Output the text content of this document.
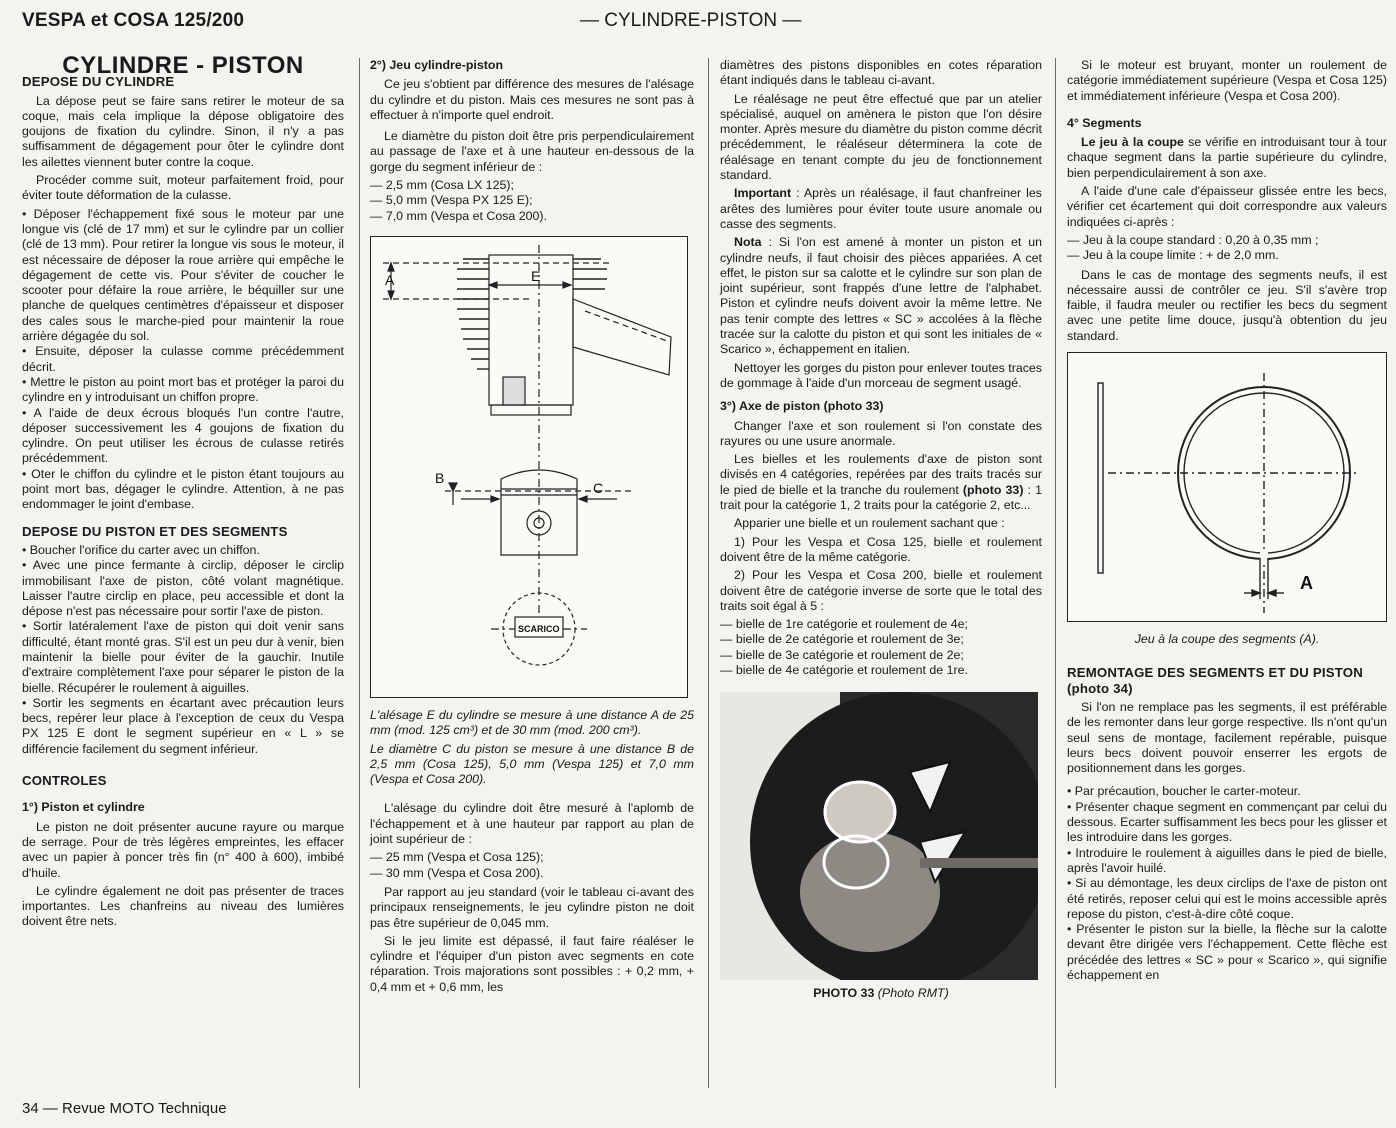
VESPA et COSA 125/200	— CYLINDRE-PISTON —
CYLINDRE - PISTON
DEPOSE DU CYLINDRE

La dépose peut se faire sans retirer le moteur de sa coque, mais cela implique la dépose obligatoire des goujons de fixation du cylindre. Sinon, il n'y a pas suffisamment de dégagement pour ôter le cylindre dont les ailettes viennent buter contre la coque.

Procéder comme suit, moteur parfaitement froid, pour éviter toute déformation de la culasse.

• Déposer l'échappement fixé sous le moteur par une longue vis (clé de 17 mm) et sur le cylindre par un collier (clé de 13 mm). Pour retirer la longue vis sous le moteur, il est nécessaire de déposer la roue arrière qui empêche le dégagement de cette vis. Pour s'éviter de coucher le scooter pour défaire la roue arrière, le béquiller sur une planche de quelques centimètres d'épaisseur et disposer des cales sous le marche-pied pour maintenir la roue arrière dégagée du sol.
• Ensuite, déposer la culasse comme précédemment décrit.
• Mettre le piston au point mort bas et protéger la paroi du cylindre en y introduisant un chiffon propre.
• A l'aide de deux écrous bloqués l'un contre l'autre, déposer successivement les 4 goujons de fixation du cylindre. On peut utiliser les écrous de culasse retirés précédemment.
• Oter le chiffon du cylindre et le piston étant toujours au point mort bas, dégager le cylindre. Attention, à ne pas endommager le joint d'embase.
DEPOSE DU PISTON ET DES SEGMENTS
• Boucher l'orifice du carter avec un chiffon.
• Avec une pince fermante à circlip, déposer le circlip immobilisant l'axe de piston, côté volant magnétique. Laisser l'autre circlip en place, peu accessible et dont la dépose n'est pas nécessaire pour sortir l'axe de piston.
• Sortir latéralement l'axe de piston qui doit venir sans difficulté, étant monté gras. S'il est un peu dur à venir, bien maintenir la bielle pour éviter de la gauchir. Inutile d'extraire complètement l'axe pour séparer le piston de la bielle. Récupérer le roulement à aiguilles.
• Sortir les segments en écartant avec précaution leurs becs, repérer leur place à l'exception de ceux du Vespa PX 125 E dont le segment supérieur en « L » se différencie facilement du segment inférieur.
CONTROLES
1°) Piston et cylindre

Le piston ne doit présenter aucune rayure ou marque de serrage. Pour de très légères empreintes, les effacer avec un papier à poncer très fin (n° 400 à 600), imbibé d'huile.

Le cylindre également ne doit pas présenter de traces importantes. Les chanfreins au niveau des lumières doivent être nets.

2°) Jeu cylindre-piston

Ce jeu s'obtient par différence des mesures de l'alésage du cylindre et du piston. Mais ces mesures ne sont pas à effectuer à n'importe quel endroit.

Le diamètre du piston doit être pris perpendiculairement au passage de l'axe et à une hauteur en-dessous de la gorge du segment inférieur de :

— 2,5 mm (Cosa LX 125);
— 5,0 mm (Vespa PX 125 E);
— 7,0 mm (Vespa et Cosa 200).
A	E
B
C
SCARICO

L'alésage E du cylindre se mesure à une distance A de 25 mm (mod. 125 cm³) et de 30 mm (mod. 200 cm³).

Le diamètre C du piston se mesure à une distance B de 2,5 mm (Cosa 125), 5,0 mm (Vespa 125) et 7,0 mm (Vespa et Cosa 200).

L'alésage du cylindre doit être mesuré à l'aplomb de l'échappement et à une hauteur par rapport au plan de joint supérieur de :

— 25 mm (Vespa et Cosa 125);
— 30 mm (Vespa et Cosa 200).

Par rapport au jeu standard (voir le tableau ci-avant des principaux renseignements, le jeu cylindre piston ne doit pas être supérieur de 0,045 mm.

Si le jeu limite est dépassé, il faut faire réaléser le cylindre et l'équiper d'un piston avec segments en cote réparation. Trois majorations sont possibles : + 0,2 mm, + 0,4 mm et + 0,6 mm, les

diamètres des pistons disponibles en cotes réparation étant indiqués dans le tableau ci-avant.

Le réalésage ne peut être effectué que par un atelier spécialisé, auquel on amènera le piston que l'on désire monter. Après mesure du diamètre du piston comme décrit précédemment, le réaléseur déterminera la cote de réalésage en tenant compte du jeu de fonctionnement standard.

Important : Après un réalésage, il faut chanfreiner les arêtes des lumières pour éviter toute usure anomale ou casse des segments.

Nota : Si l'on est amené à monter un piston et un cylindre neufs, il faut choisir des pièces appariées. A cet effet, le piston sur sa calotte et le cylindre sur son plan de joint supérieur, sont frappés d'une lettre de l'alphabet. Piston et cylindre neufs doivent avoir la même lettre. Ne pas tenir compte des lettres « SC » accolées à la flèche tracée sur la calotte du piston et qui sont les initiales de « Scarico », échappement en italien.

Nettoyer les gorges du piston pour enlever toutes traces de gommage à l'aide d'un morceau de segment usagé.

3°) Axe de piston (photo 33)

Changer l'axe et son roulement si l'on constate des rayures ou une usure anormale.

Les bielles et les roulements d'axe de piston sont divisés en 4 catégories, repérées par des traits tracés sur le pied de bielle et la tranche du roulement (photo 33) : 1 trait pour la catégorie 1, 2 traits pour la catégorie 2, etc...

Apparier une bielle et un roulement sachant que :

1) Pour les Vespa et Cosa 125, bielle et roulement doivent être de la même catégorie.

2) Pour les Vespa et Cosa 200, bielle et roulement doivent être de catégorie inverse de sorte que le total des traits soit égal à 5 :

— bielle de 1re catégorie et roulement de 4e;
— bielle de 2e catégorie et roulement de 3e;
— bielle de 3e catégorie et roulement de 2e;
— bielle de 4e catégorie et roulement de 1re.
PHOTO 33 (Photo RMT)

Si le moteur est bruyant, monter un roulement de catégorie immédiatement supérieure (Vespa et Cosa 125) et immédiatement inférieure (Vespa et Cosa 200).

4° Segments

Le jeu à la coupe se vérifie en introduisant tour à tour chaque segment dans la partie supérieure du cylindre, bien perpendiculairement à son axe.

A l'aide d'une cale d'épaisseur glissée entre les becs, vérifier cet écartement qui doit correspondre aux valeurs indiquées ci-après :

— Jeu à la coupe standard : 0,20 à 0,35 mm ;
— Jeu à la coupe limite : + de 2,0 mm.

Dans le cas de montage des segments neufs, il est nécessaire aussi de contrôler ce jeu. S'il s'avère trop faible, il faudra meuler ou rectifier les becs du segment avec une petite lime douce, jusqu'à obtention du jeu standard.

A
Jeu à la coupe des segments (A).
REMONTAGE DES SEGMENTS ET DU PISTON (photo 34)

Si l'on ne remplace pas les segments, il est préférable de les remonter dans leur gorge respective. Ils n'ont qu'un seul sens de montage, facilement repérable, puisque leurs becs doivent pouvoir enserrer les ergots de positionnement dans les gorges.

• Par précaution, boucher le carter-moteur.
• Présenter chaque segment en commençant par celui du dessous. Ecarter suffisamment les becs pour les glisser et les introduire dans les gorges.
• Introduire le roulement à aiguilles dans le pied de bielle, après l'avoir huilé.
• Si au démontage, les deux circlips de l'axe de piston ont été retirés, reposer celui qui est le moins accessible après repose du piston, c'est-à-dire côté coque.
• Présenter le piston sur la bielle, la flèche sur la calotte devant être dirigée vers l'échappement. Cette flèche est précédée des lettres « SC » pour « Scarico », qui signifie échappement en
34 — Revue MOTO Technique
